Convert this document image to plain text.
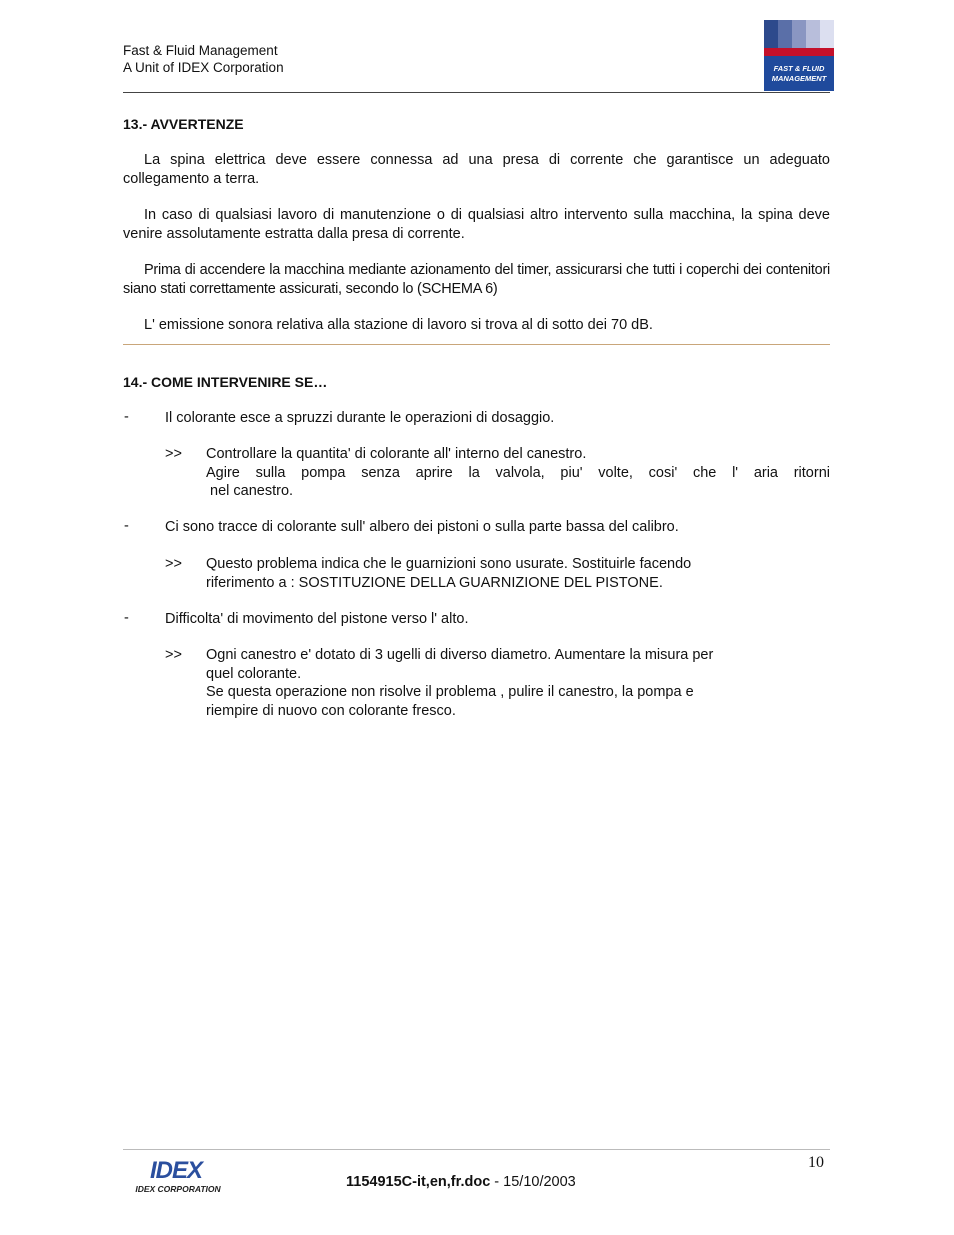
Fast & Fluid Management
A Unit of IDEX Corporation	FAST & FLUID
MANAGEMENT
13.- AVVERTENZE
La spina elettrica deve essere connessa ad una presa di corrente che garantisce un adeguato collegamento a terra.
In caso di qualsiasi lavoro di manutenzione o di qualsiasi altro intervento sulla macchina, la spina deve venire assolutamente estratta dalla presa di corrente.
Prima di accendere la macchina mediante azionamento del timer, assicurarsi che tutti i coperchi dei contenitori siano stati correttamente assicurati, secondo lo (SCHEMA 6)
L' emissione sonora relativa alla stazione di lavoro si trova al di sotto dei 70 dB.
14.- COME INTERVENIRE SE…
- Il colorante esce a spruzzi durante le operazioni di dosaggio.
>> Controllare la quantita' di colorante all' interno del canestro.
Agire sulla pompa senza aprire la valvola, piu' volte, cosi' che l' aria ritorni
nel canestro.
- Ci sono tracce di colorante sull' albero dei pistoni o sulla parte bassa del calibro.
>> Questo problema indica che le guarnizioni sono usurate. Sostituirle facendo
riferimento a : SOSTITUZIONE DELLA GUARNIZIONE DEL PISTONE.
- Difficolta' di movimento del pistone verso l' alto.
>> Ogni canestro e' dotato di 3 ugelli di diverso diametro. Aumentare la misura per
quel colorante.
Se questa operazione non risolve il problema , pulire il canestro, la pompa e
riempire di nuovo con colorante fresco.
IDEX
IDEX CORPORATION
10
1154915C-it,en,fr.doc - 15/10/2003
